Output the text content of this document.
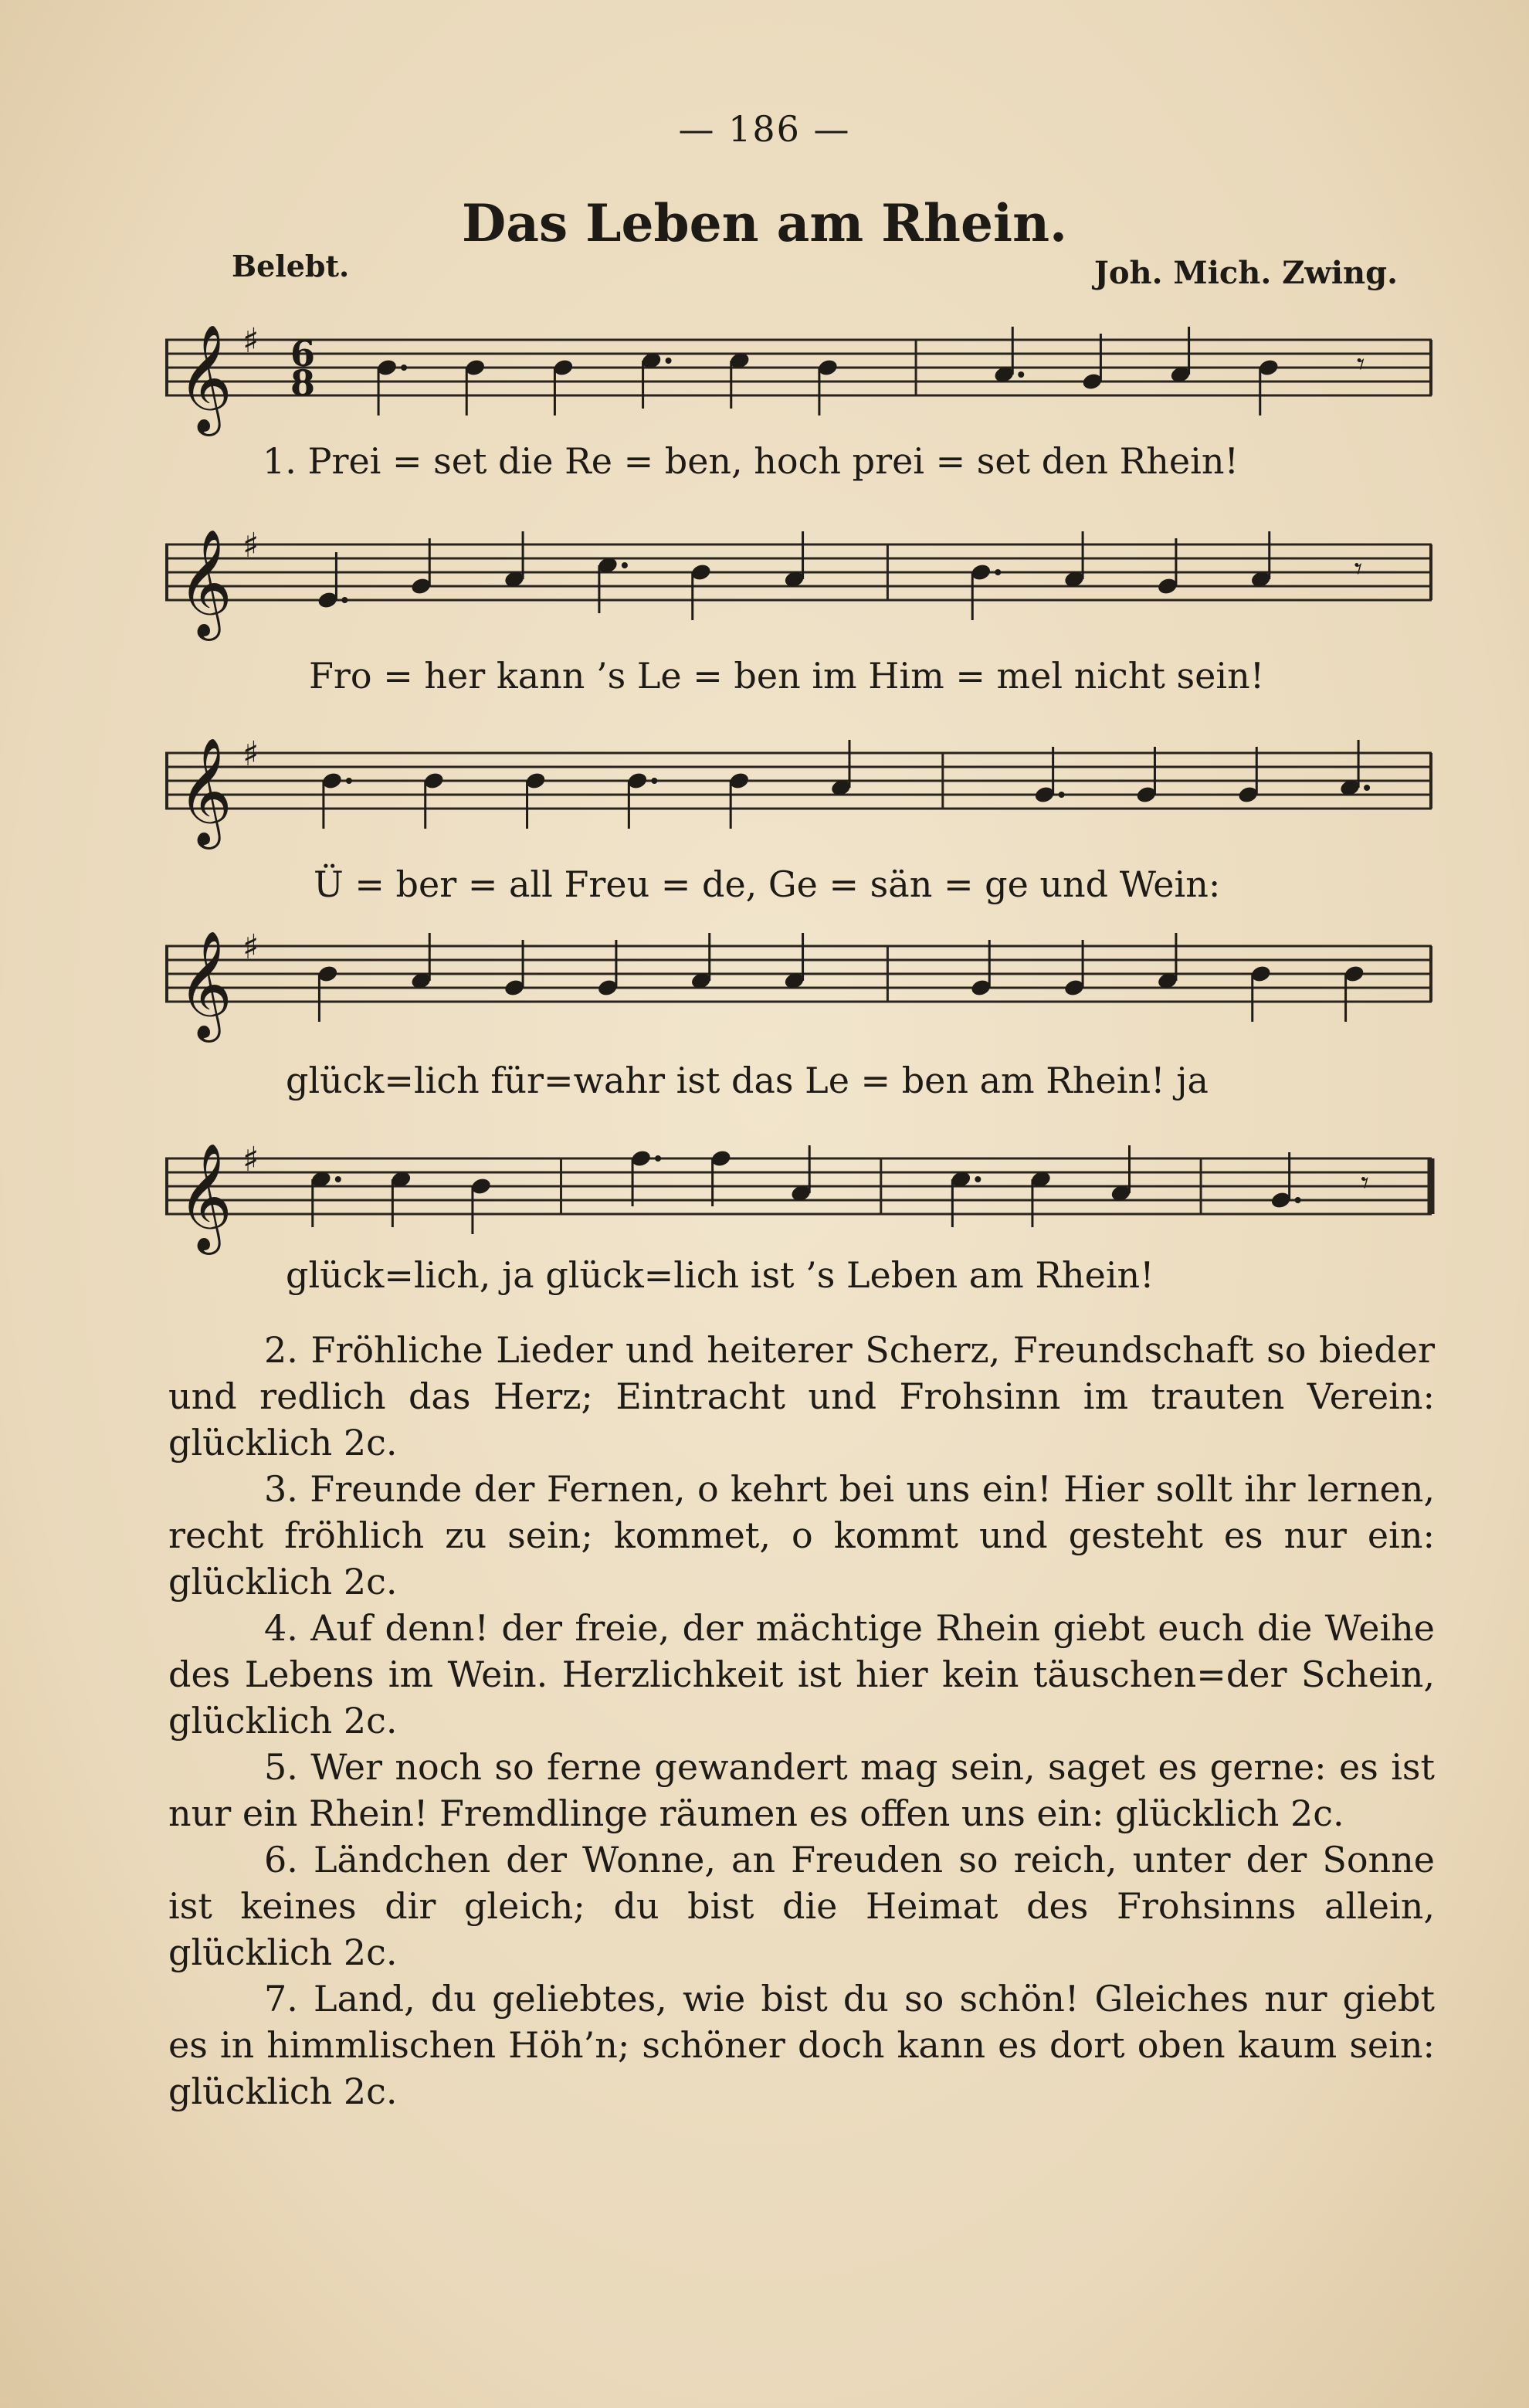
— 186 —
Das Leben am Rhein.
Belebt.	Joh. Mich. Zwing.
𝄞 ♯ 6
8	𝄾
1. Prei = set die Re = ben, hoch prei = set den Rhein!
𝄞 ♯
𝄾
Fro = her kann ’s Le = ben im Him = mel nicht sein!
𝄞 ♯
Ü = ber = all Freu = de, Ge = sän = ge und Wein:
𝄞 ♯
glück=lich für=wahr ist das Le = ben am Rhein! ja
𝄞 ♯
𝄾
glück=lich, ja glück=lich ist ’s Leben am Rhein!

2. Fröhliche Lieder und heiterer Scherz, Freundschaft so bieder und redlich das Herz; Eintracht und Frohsinn im trauten Verein: glücklich 2c.

3. Freunde der Fernen, o kehrt bei uns ein! Hier sollt ihr lernen, recht fröhlich zu sein; kommet, o kommt und gesteht es nur ein: glücklich 2c.

4. Auf denn! der freie, der mächtige Rhein giebt euch die Weihe des Lebens im Wein. Herzlichkeit ist hier kein täuschen=der Schein, glücklich 2c.

5. Wer noch so ferne gewandert mag sein, saget es gerne: es ist nur ein Rhein! Fremdlinge räumen es offen uns ein: glücklich 2c.

6. Ländchen der Wonne, an Freuden so reich, unter der Sonne ist keines dir gleich; du bist die Heimat des Frohsinns allein, glücklich 2c.

7. Land, du geliebtes, wie bist du so schön! Gleiches nur giebt es in himmlischen Höh’n; schöner doch kann es dort oben kaum sein: glücklich 2c.
